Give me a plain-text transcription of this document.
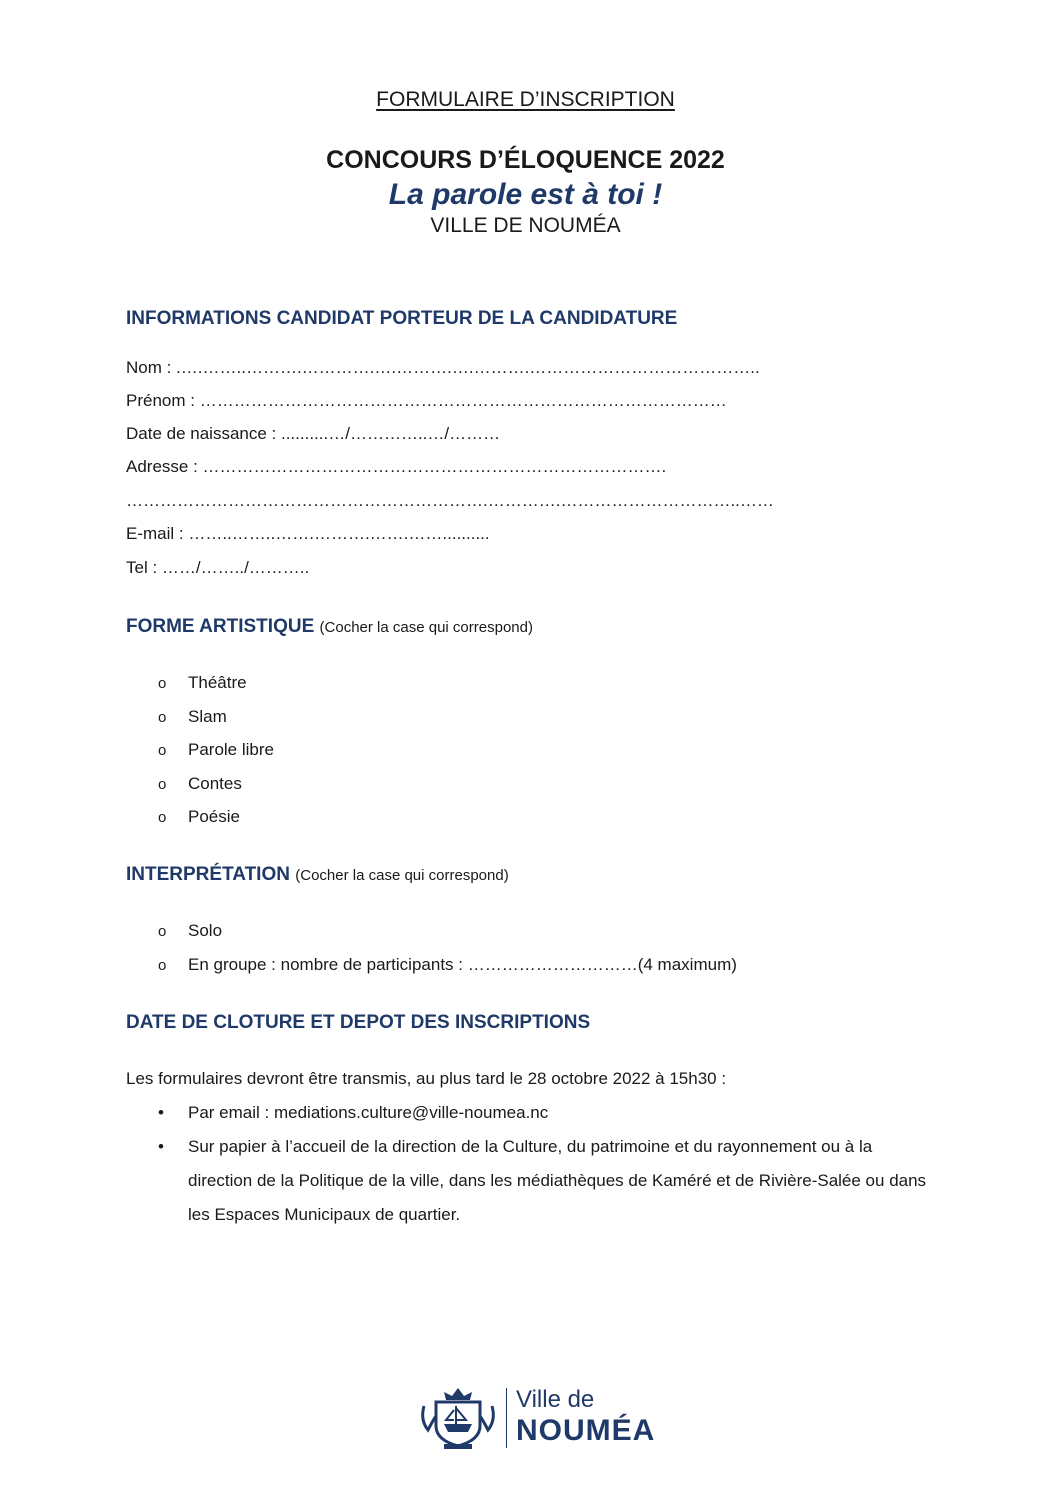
FORMULAIRE D’INSCRIPTION
CONCOURS D’ÉLOQUENCE 2022
La parole est à toi !
VILLE DE NOUMÉA
INFORMATIONS CANDIDAT PORTEUR DE LA CANDIDATURE
Nom : .….……..……….………….….……….….……….…………………………………..
Prénom : …………………………………………………………………………………
Date de naissance : ..........…/…………..…/………
Adresse : ……………………………………………………………………….
……………………………………………………….………….…………………………..……
E-mail : ……..……..…….……….…….……..........
Tel : ……/……../………..
FORME ARTISTIQUE (Cocher la case qui correspond)
o Théâtre
o Slam
o Parole libre
o Contes
o Poésie
INTERPRÉTATION (Cocher la case qui correspond)
o Solo
o En groupe : nombre de participants : …………………………(4 maximum)
DATE DE CLOTURE ET DEPOT DES INSCRIPTIONS
Les formulaires devront être transmis, au plus tard le 28 octobre 2022 à 15h30 :
•	Par email : mediations.culture@ville-noumea.nc
•	Sur papier à l’accueil de la direction de la Culture, du patrimoine et du rayonnement ou à la direction de la Politique de la ville, dans les médiathèques de Kaméré et de Rivière-Salée ou dans les Espaces Municipaux de quartier.
Ville de
NOUMÉA
